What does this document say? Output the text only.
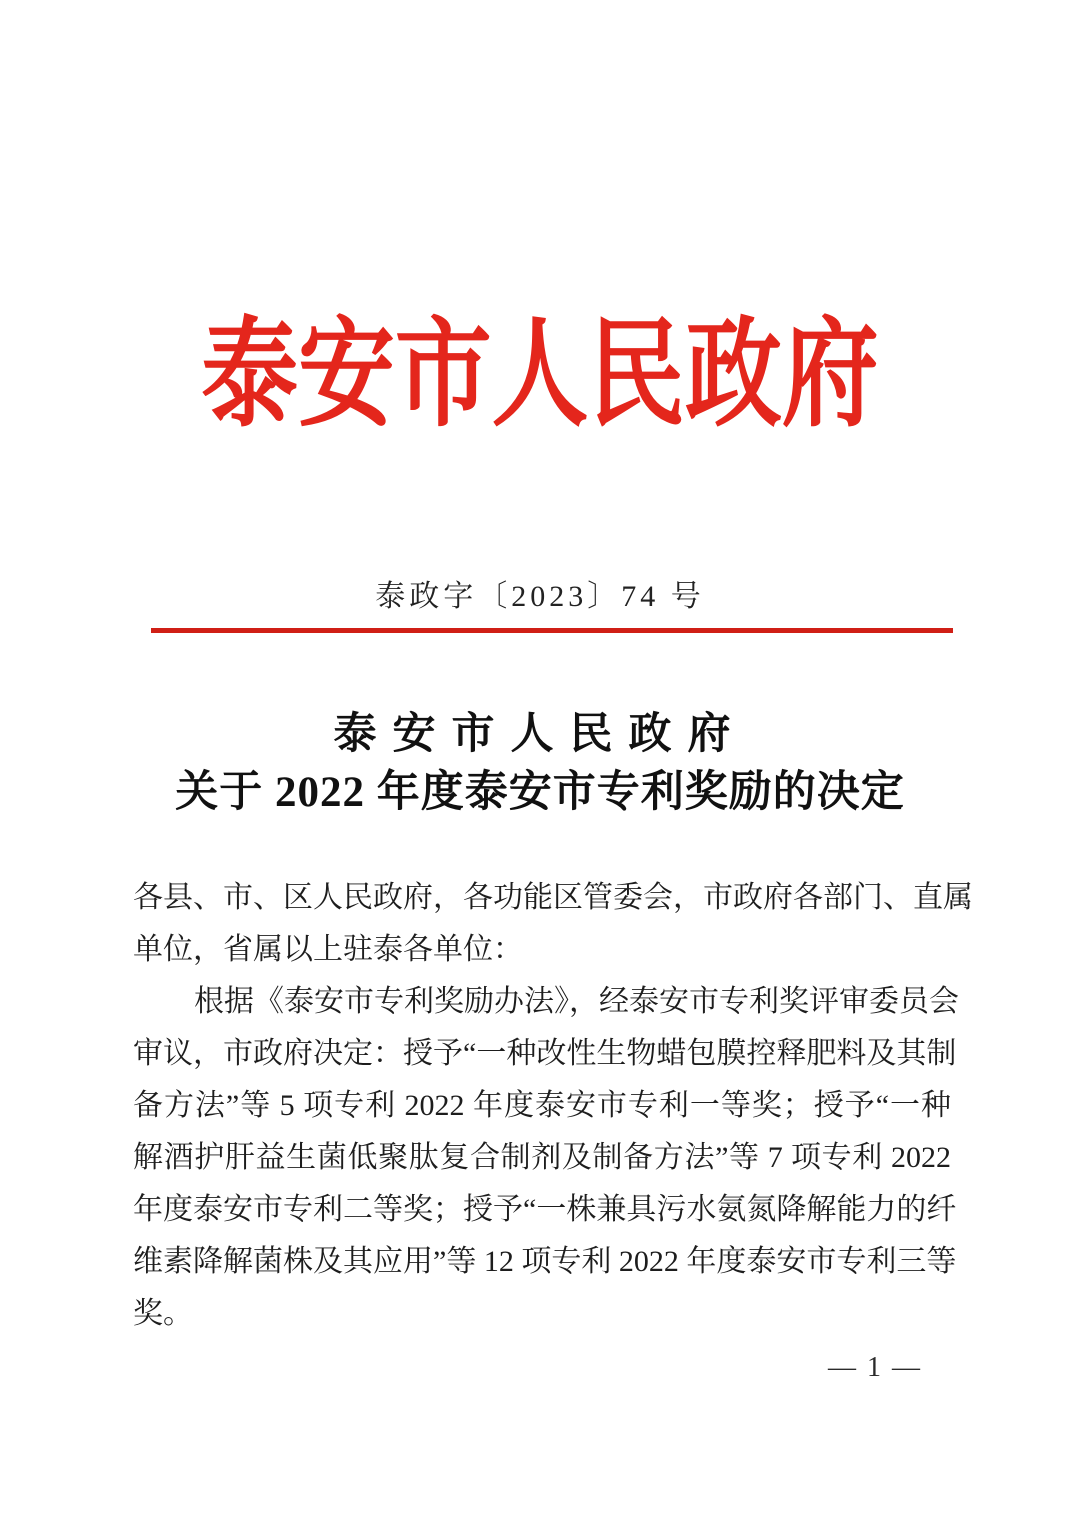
泰安市人民政府
泰政字〔2023〕74 号
泰安市人民政府
关于 2022 年度泰安市专利奖励的决定
各县、市、区人民政府，各功能区管委会，市政府各部门、直属
单位，省属以上驻泰各单位：
根据《泰安市专利奖励办法》，经泰安市专利奖评审委员会
审议，市政府决定：授予“一种改性生物蜡包膜控释肥料及其制
备方法”等 5 项专利 2022 年度泰安市专利一等奖；授予“一种
解酒护肝益生菌低聚肽复合制剂及制备方法”等 7 项专利 2022
年度泰安市专利二等奖；授予“一株兼具污水氨氮降解能力的纤
维素降解菌株及其应用”等 12 项专利 2022 年度泰安市专利三等
奖。
— 1 —
